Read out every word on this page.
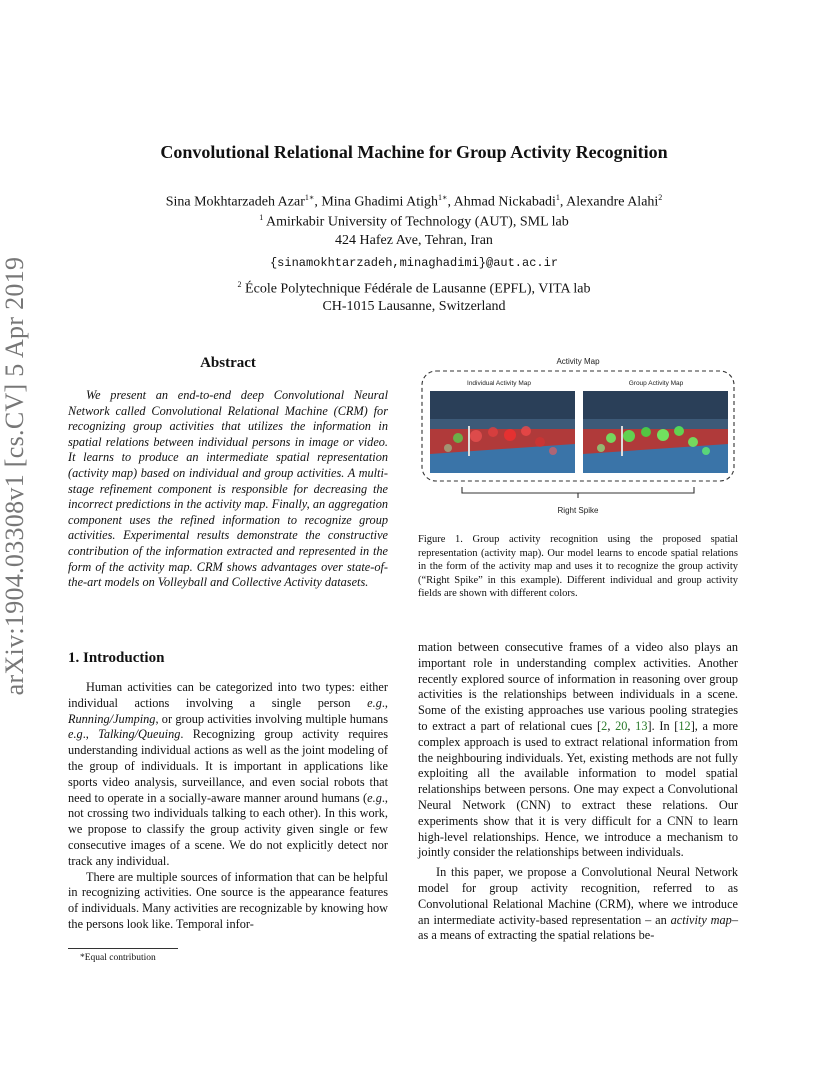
arXiv:1904.03308v1 [cs.CV] 5 Apr 2019
Convolutional Relational Machine for Group Activity Recognition
Sina Mokhtarzadeh Azar$^{1∗}$, Mina Ghadimi Atigh$^{1∗}$, Ahmad Nickabadi$^1$, Alexandre Alahi$^2$
$^1$ Amirkabir University of Technology (AUT), SML lab
424 Hafez Ave, Tehran, Iran
{sinamokhtarzadeh,minaghadimi}@aut.ac.ir
$^2$ École Polytechnique Fédérale de Lausanne (EPFL), VITA lab
CH-1015 Lausanne, Switzerland
Abstract

We present an end-to-end deep Convolutional Neural Network called Convolutional Relational Machine (CRM) for recognizing group activities that utilizes the information in spatial relations between individual persons in image or video. It learns to produce an intermediate spatial representation (activity map) based on individual and group activities. A multi-stage refinement component is responsible for decreasing the incorrect predictions in the activity map. Finally, an aggregation component uses the refined information to recognize group activities. Experimental results demonstrate the constructive contribution of the information extracted and represented in the form of the activity map. CRM shows advantages over state-of-the-art models on Volleyball and Collective Activity datasets.

Activity Map
Individual Activity Map	Group Activity Map
Right Spike
Figure 1. Group activity recognition using the proposed spatial representation (activity map). Our model learns to encode spatial relations in the form of the activity map and uses it to recognize the group activity (“Right Spike” in this example). Different individual and group activity fields are shown with different colors.
1. Introduction

Human activities can be categorized into two types: either individual actions involving a single person e.g., Running/Jumping, or group activities involving multiple humans e.g., Talking/Queuing. Recognizing group activity requires understanding individual actions as well as the joint modeling of the group of individuals. It is important in applications like sports video analysis, surveillance, and even social robots that need to operate in a socially-aware manner around humans (e.g., not crossing two individuals talking to each other). In this work, we propose to classify the group activity given single or few consecutive images of a scene. We do not explicitly detect nor track any individual.

There are multiple sources of information that can be helpful in recognizing activities. One source is the appearance features of individuals. Many activities are recognizable by knowing how the persons look like. Temporal infor-

mation between consecutive frames of a video also plays an important role in understanding complex activities. Another recently explored source of information in reasoning over group activities is the relationships between individuals in a scene. Some of the existing approaches use various pooling strategies to extract a part of relational cues [2, 20, 13]. In [12], a more complex approach is used to extract relational information from the neighbouring individuals. Yet, existing methods are not fully exploiting all the available information to model spatial relationships between persons. One may expect a Convolutional Neural Network (CNN) to extract these relations. Our experiments show that it is very difficult for a CNN to learn high-level relationships. Hence, we introduce a mechanism to jointly consider the relationships between individuals.

In this paper, we propose a Convolutional Neural Network model for group activity recognition, referred to as Convolutional Relational Machine (CRM), where we introduce an intermediate activity-based representation – an activity map– as a means of extracting the spatial relations be-

*Equal contribution
